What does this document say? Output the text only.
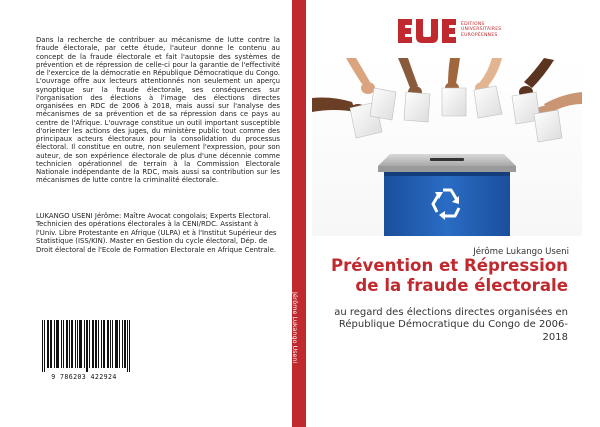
Dans la recherche de contribuer au mécanisme de lutte contre la fraude électorale, par cette étude, l'auteur donne le contenu au concept de la fraude électorale et fait l'autopsie des systèmes de prévention et de répression de celle-ci pour la garantie de l'effectivité de l'exercice de la démocratie en République Démocratique du Congo. L'ouvrage offre aux lecteurs attentionnés non seulement un aperçu synoptique sur la fraude électorale, ses conséquences sur l'organisation des élections à l'image des élections directes organisées en RDC de 2006 à 2018, mais aussi sur l'analyse des mécanismes de sa prévention et de sa répression dans ce pays au centre de l'Afrique. L'ouvrage constitue un outil important susceptible d'orienter les actions des juges, du ministère public tout comme des principaux acteurs électoraux pour la consolidation du processus électoral. Il constitue en outre, non seulement l'expression, pour son auteur, de son expérience électorale de plus d'une décennie comme technicien opérationnel de terrain à la Commission Electorale Nationale indépendante de la RDC, mais aussi sa contribution sur les mécanismes de lutte contre la criminalité électorale.

LUKANGO USENI Jérôme: Maître Avocat congolais; Experts Electoral. Technicien des opérations électorales à la CENI/RDC. Assistant à l'Univ. Libre Protestante en Afrique (ULPA) et à l'Institut Supérieur des Statistique (ISS/KIN). Master en Gestion du cycle électoral, Dép. de Droit électoral de l'Ecole de Formation Electorale en Afrique Centrale.

9 786203 422924
Jérôme Lukango Useni
ÉDITIONS
UNIVERSITAIRES
EUROPÉENNES
Jérôme Lukango Useni
Prévention et Répression
de la fraude électorale

au regard des élections directes organisées en
République Démocratique du Congo de 2006-
2018
